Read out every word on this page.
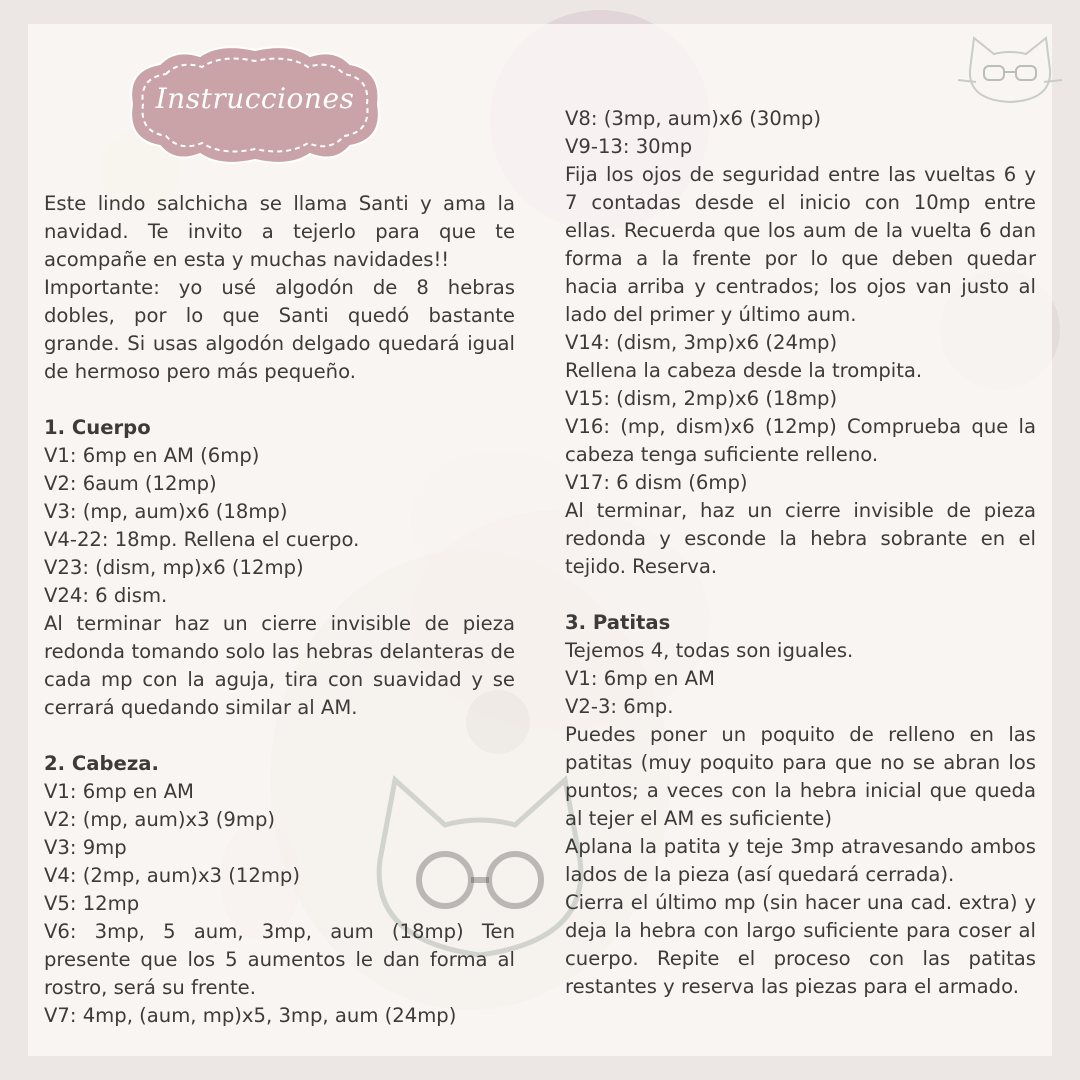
Instrucciones

Este lindo salchicha se llama Santi y ama la navidad. Te invito a tejerlo para que te acompañe en esta y muchas navidades!!

Importante: yo usé algodón de 8 hebras dobles, por lo que Santi quedó bastante grande. Si usas algodón delgado quedará igual de hermoso pero más pequeño.

1. Cuerpo

V1: 6mp en AM (6mp)

V2: 6aum (12mp)

V3: (mp, aum)x6 (18mp)

V4-22: 18mp. Rellena el cuerpo.

V23: (dism, mp)x6 (12mp)

V24: 6 dism.

Al terminar haz un cierre invisible de pieza redonda tomando solo las hebras delanteras de cada mp con la aguja, tira con suavidad y se cerrará quedando similar al AM.

2. Cabeza.

V1: 6mp en AM

V2: (mp, aum)x3 (9mp)

V3: 9mp

V4: (2mp, aum)x3 (12mp)

V5: 12mp

V6: 3mp, 5 aum, 3mp, aum (18mp) Ten presente que los 5 aumentos le dan forma al rostro, será su frente.

V7: 4mp, (aum, mp)x5, 3mp, aum (24mp)

V8: (3mp, aum)x6 (30mp)

V9-13: 30mp

Fija los ojos de seguridad entre las vueltas 6 y 7 contadas desde el inicio con 10mp entre ellas. Recuerda que los aum de la vuelta 6 dan forma a la frente por lo que deben quedar hacia arriba y centrados; los ojos van justo al lado del primer y último aum.

V14: (dism, 3mp)x6 (24mp)

Rellena la cabeza desde la trompita.

V15: (dism, 2mp)x6 (18mp)

V16: (mp, dism)x6 (12mp) Comprueba que la cabeza tenga suficiente relleno.

V17: 6 dism (6mp)

Al terminar, haz un cierre invisible de pieza redonda y esconde la hebra sobrante en el tejido. Reserva.

3. Patitas

Tejemos 4, todas son iguales.

V1: 6mp en AM

V2-3: 6mp.

Puedes poner un poquito de relleno en las patitas (muy poquito para que no se abran los puntos; a veces con la hebra inicial que queda al tejer el AM es suficiente)

Aplana la patita y teje 3mp atravesando ambos lados de la pieza (así quedará cerrada).

Cierra el último mp (sin hacer una cad. extra) y deja la hebra con largo suficiente para coser al cuerpo. Repite el proceso con las patitas restantes y reserva las piezas para el armado.
